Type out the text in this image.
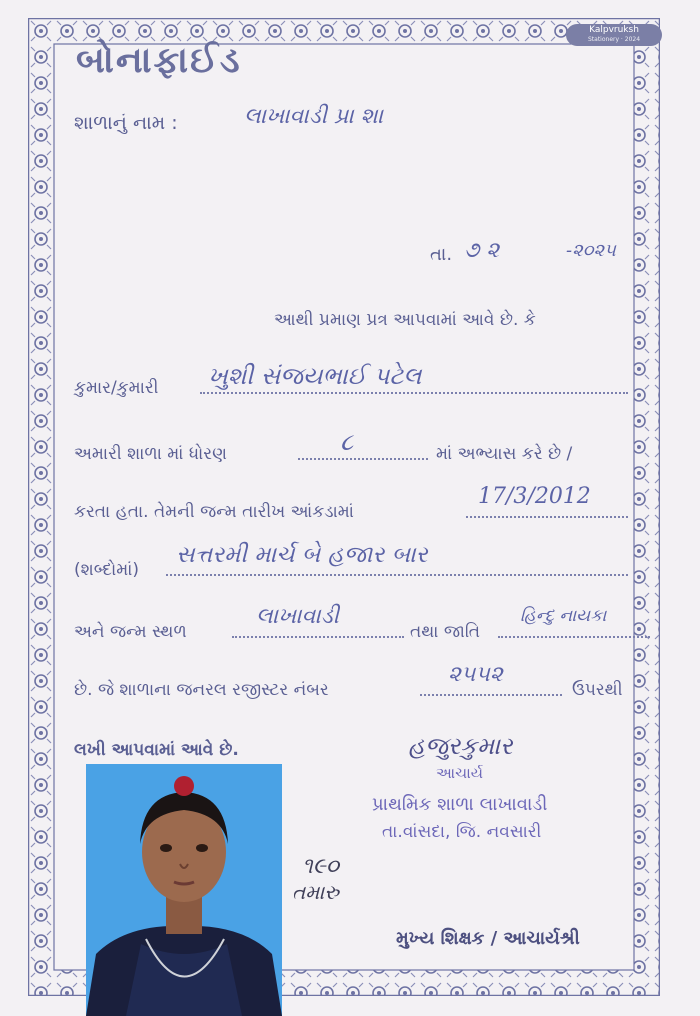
Kalpvruksh
Stationery · 2024
બોનાફાઈડ
શાળાનું નામ :	લાખાવાડી પ્રા શા
તા. ૭ ૨	-૨૦૨૫
આથી પ્રમાણ પ્રત્ર આપવામાં આવે છે. કે
કુમાર/કુમારી ખુશી સંજયભાઈ પટેલ
અમારી શાળા માં ધોરણ	૮	માં અભ્યાસ કરે છે /
કરતા હતા. તેમની જન્મ તારીખ આંકડામાં
17/3/2012
(શબ્દોમાં)
સત્તરમી માર્ચ બે હજાર બાર
અને જન્મ સ્થળ
લાખાવાડી
તથા જાતિ
હિન્દુ નાયકા
છે. જે શાળાના જનરલ રજીસ્ટર નંબર
૨૫૫૨
ઉપરથી
લખી આપવામાં આવે છે.	હજુરકુમાર
આચાર્ય
પ્રાથમિક શાળા લાખાવાડી
તા.વાંસદા, જિ. નવસારી
૧૯૦
તમારુ
મુખ્ય શિક્ષક / આચાર્યશ્રી
